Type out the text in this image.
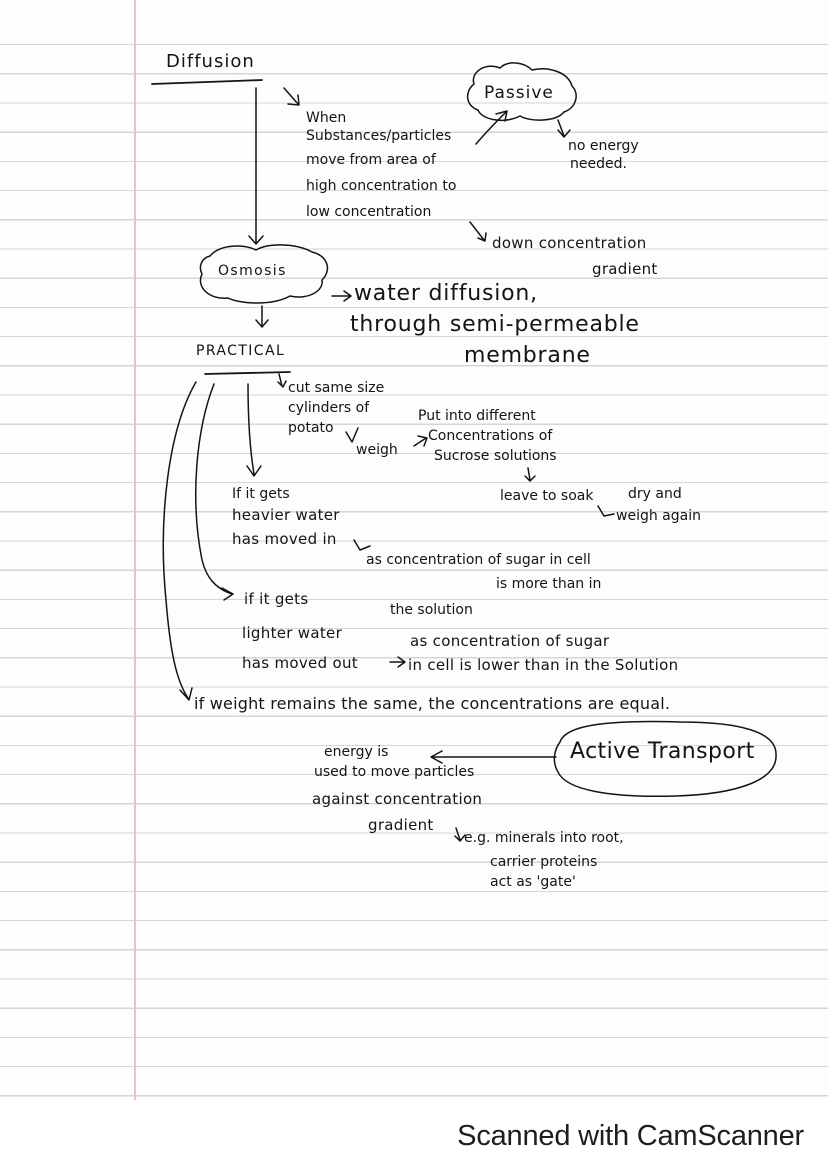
Diffusion
When
Substances/particles
move from area of
high concentration to
low concentration
Passive
no energy
needed.
down concentration
gradient
Osmosis
water diffusion,
through semi-permeable
membrane
PRACTICAL
cut same size
cylinders of
potato
weigh
Put into different
Concentrations of
Sucrose solutions
leave to soak dry and
weigh again
If it gets
heavier water
has moved in
as concentration of sugar in cell
is more than in
the solution
if it gets
lighter water
has moved out
as concentration of sugar
in cell is lower than in the Solution
if weight remains the same, the concentrations are equal.
Active Transport
energy is
used to move particles
against concentration
gradient
e.g. minerals into root,
carrier proteins
act as 'gate'
Scanned with CamScanner
